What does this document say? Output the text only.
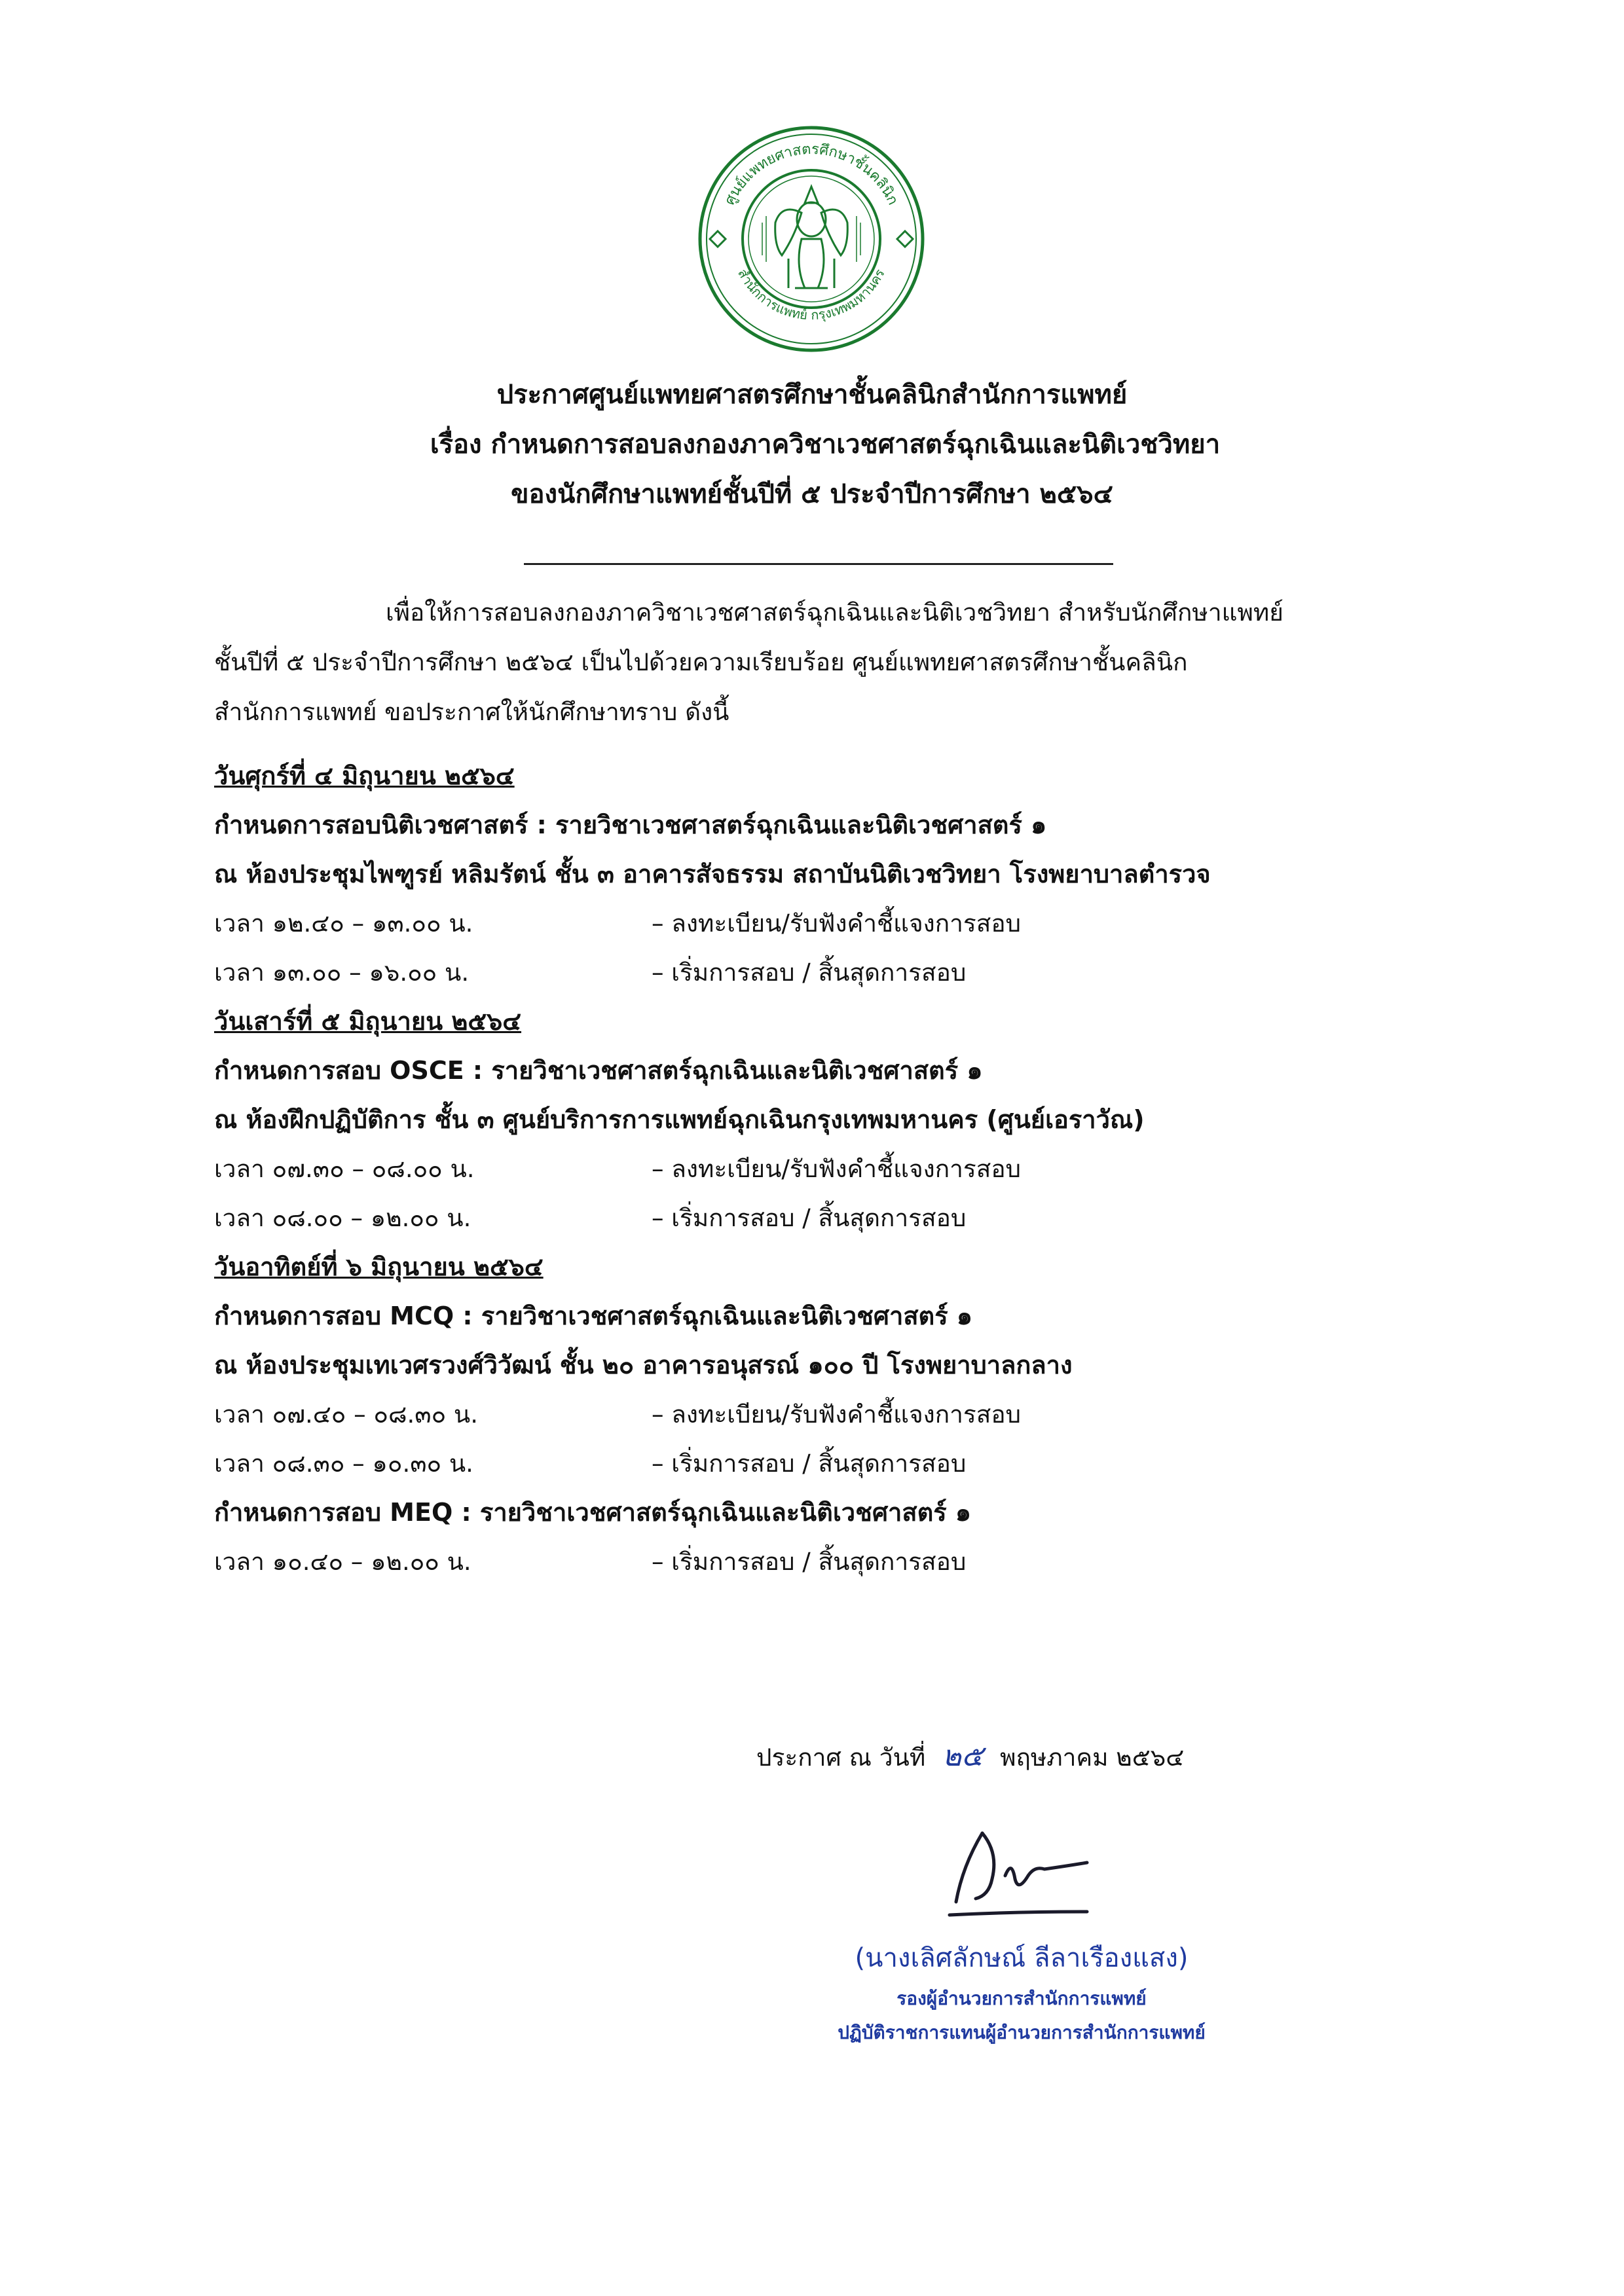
ศูนย์แพทยศาสตรศึกษาชั้นคลินิก
สำนักการแพทย์ กรุงเทพมหานคร
ประกาศศูนย์แพทยศาสตรศึกษาชั้นคลินิกสำนักการแพทย์
เรื่อง กำหนดการสอบลงกองภาควิชาเวชศาสตร์ฉุกเฉินและนิติเวชวิทยา
ของนักศึกษาแพทย์ชั้นปีที่ ๕ ประจำปีการศึกษา ๒๕๖๔
เพื่อให้การสอบลงกองภาควิชาเวชศาสตร์ฉุกเฉินและนิติเวชวิทยา สำหรับนักศึกษาแพทย์
ชั้นปีที่ ๕ ประจำปีการศึกษา ๒๕๖๔ เป็นไปด้วยความเรียบร้อย ศูนย์แพทยศาสตรศึกษาชั้นคลินิก
สำนักการแพทย์ ขอประกาศให้นักศึกษาทราบ ดังนี้
วันศุกร์ที่ ๔ มิถุนายน ๒๕๖๔
กำหนดการสอบนิติเวชศาสตร์ : รายวิชาเวชศาสตร์ฉุกเฉินและนิติเวชศาสตร์ ๑
ณ ห้องประชุมไพฑูรย์ หลิมรัตน์ ชั้น ๓ อาคารสัจธรรม สถาบันนิติเวชวิทยา โรงพยาบาลตำรวจ
เวลา ๑๒.๔๐ – ๑๓.๐๐ น.	– ลงทะเบียน/รับฟังคำชี้แจงการสอบ
เวลา ๑๓.๐๐ – ๑๖.๐๐ น.	– เริ่มการสอบ / สิ้นสุดการสอบ
วันเสาร์ที่ ๕ มิถุนายน ๒๕๖๔
กำหนดการสอบ OSCE : รายวิชาเวชศาสตร์ฉุกเฉินและนิติเวชศาสตร์ ๑
ณ ห้องฝึกปฏิบัติการ ชั้น ๓ ศูนย์บริการการแพทย์ฉุกเฉินกรุงเทพมหานคร (ศูนย์เอราวัณ)
เวลา ๐๗.๓๐ – ๐๘.๐๐ น.	– ลงทะเบียน/รับฟังคำชี้แจงการสอบ
เวลา ๐๘.๐๐ – ๑๒.๐๐ น.	– เริ่มการสอบ / สิ้นสุดการสอบ
วันอาทิตย์ที่ ๖ มิถุนายน ๒๕๖๔
กำหนดการสอบ MCQ : รายวิชาเวชศาสตร์ฉุกเฉินและนิติเวชศาสตร์ ๑
ณ ห้องประชุมเทเวศรวงศ์วิวัฒน์ ชั้น ๒๐ อาคารอนุสรณ์ ๑๐๐ ปี โรงพยาบาลกลาง
เวลา ๐๗.๔๐ – ๐๘.๓๐ น.	– ลงทะเบียน/รับฟังคำชี้แจงการสอบ
เวลา ๐๘.๓๐ – ๑๐.๓๐ น.	– เริ่มการสอบ / สิ้นสุดการสอบ
กำหนดการสอบ MEQ : รายวิชาเวชศาสตร์ฉุกเฉินและนิติเวชศาสตร์ ๑
เวลา ๑๐.๔๐ – ๑๒.๐๐ น.	– เริ่มการสอบ / สิ้นสุดการสอบ
ประกาศ ณ วันที่ ๒๕ พฤษภาคม ๒๕๖๔
(นางเลิศลักษณ์ ลีลาเรืองแสง)
รองผู้อำนวยการสำนักการแพทย์
ปฏิบัติราชการแทนผู้อำนวยการสำนักการแพทย์
